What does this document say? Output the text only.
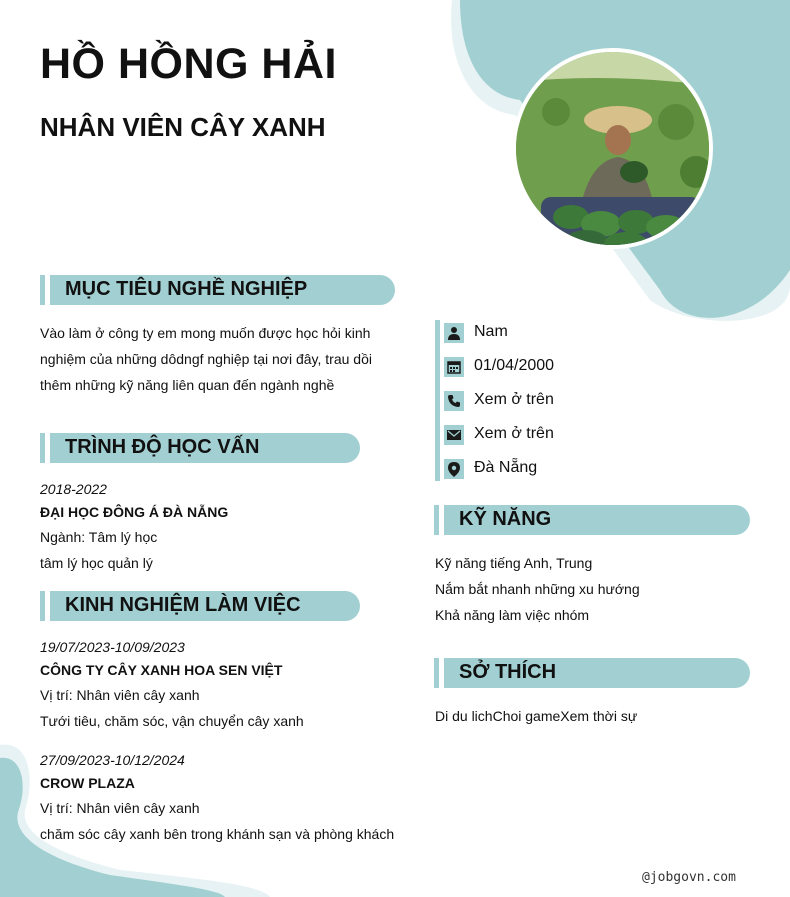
HỒ HỒNG HẢI
NHÂN VIÊN CÂY XANH
MỤC TIÊU NGHỀ NGHIỆP
Vào làm ở công ty em mong muốn được học hỏi kinh
nghiệm của những dôdngf nghiệp tại nơi đây, trau dồi
thêm những kỹ năng liên quan đến ngành nghề
TRÌNH ĐỘ HỌC VẤN
2018-2022
ĐẠI HỌC ĐÔNG Á ĐÀ NẴNG
Ngành: Tâm lý học
tâm lý học quản lý
KINH NGHIỆM LÀM VIỆC
19/07/2023-10/09/2023
CÔNG TY CÂY XANH HOA SEN VIỆT
Vị trí: Nhân viên cây xanh
Tưới tiêu, chăm sóc, vận chuyển cây xanh
27/09/2023-10/12/2024
CROW PLAZA
Vị trí: Nhân viên cây xanh
chăm sóc cây xanh bên trong khánh sạn và phòng khách
Nam
01/04/2000
Xem ở trên
Xem ở trên
Đà Nẵng
KỸ NĂNG
Kỹ năng tiếng Anh, Trung
Nắm bắt nhanh những xu hướng
Khả năng làm việc nhóm
SỞ THÍCH
Di du lichChoi gameXem thời sự
@jobgovn.com
